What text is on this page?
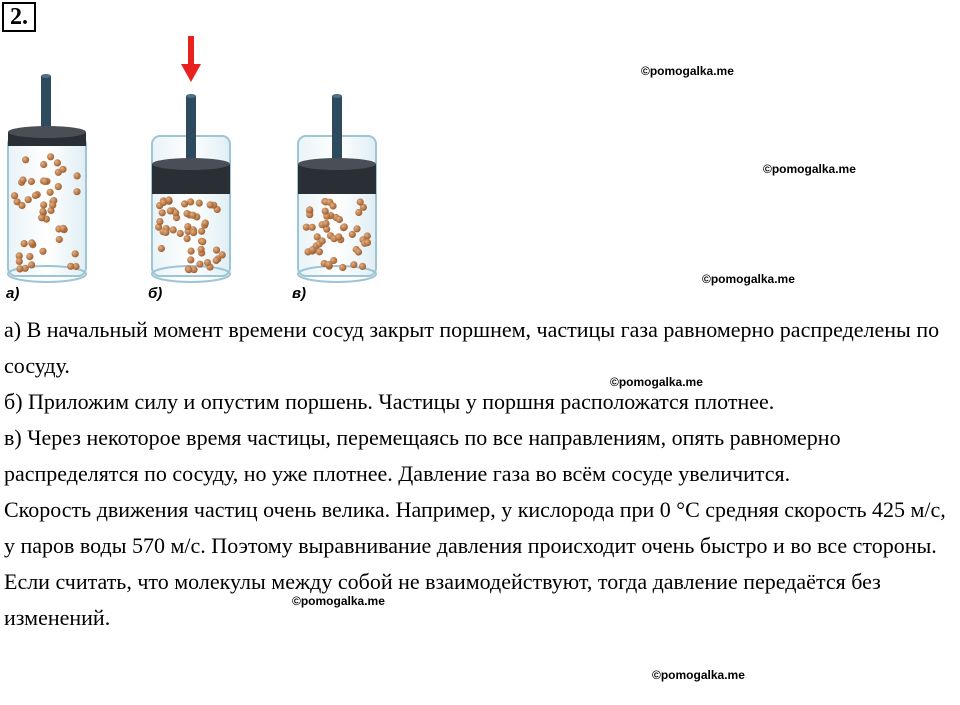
2.
а)	б)	в)
©pomogalka.me
©pomogalka.me
©pomogalka.me
©pomogalka.me
©pomogalka.me
©pomogalka.me

а) В начальный момент времени сосуд закрыт поршнем, частицы газа равномерно распределены по сосуду.

б) Приложим силу и опустим поршень. Частицы у поршня расположатся плотнее.

в) Через некоторое время частицы, перемещаясь по все направлениям, опять равномерно распределятся по сосуду, но уже плотнее. Давление газа во всём сосуде увеличится.

Скорость движения частиц очень велика. Например, у кислорода при 0 °С средняя скорость 425 м/с, у паров воды 570 м/с. Поэтому выравнивание давления происходит очень быстро и во все стороны.

Если считать, что молекулы между собой не взаимодействуют, тогда давление передаётся без изменений.
